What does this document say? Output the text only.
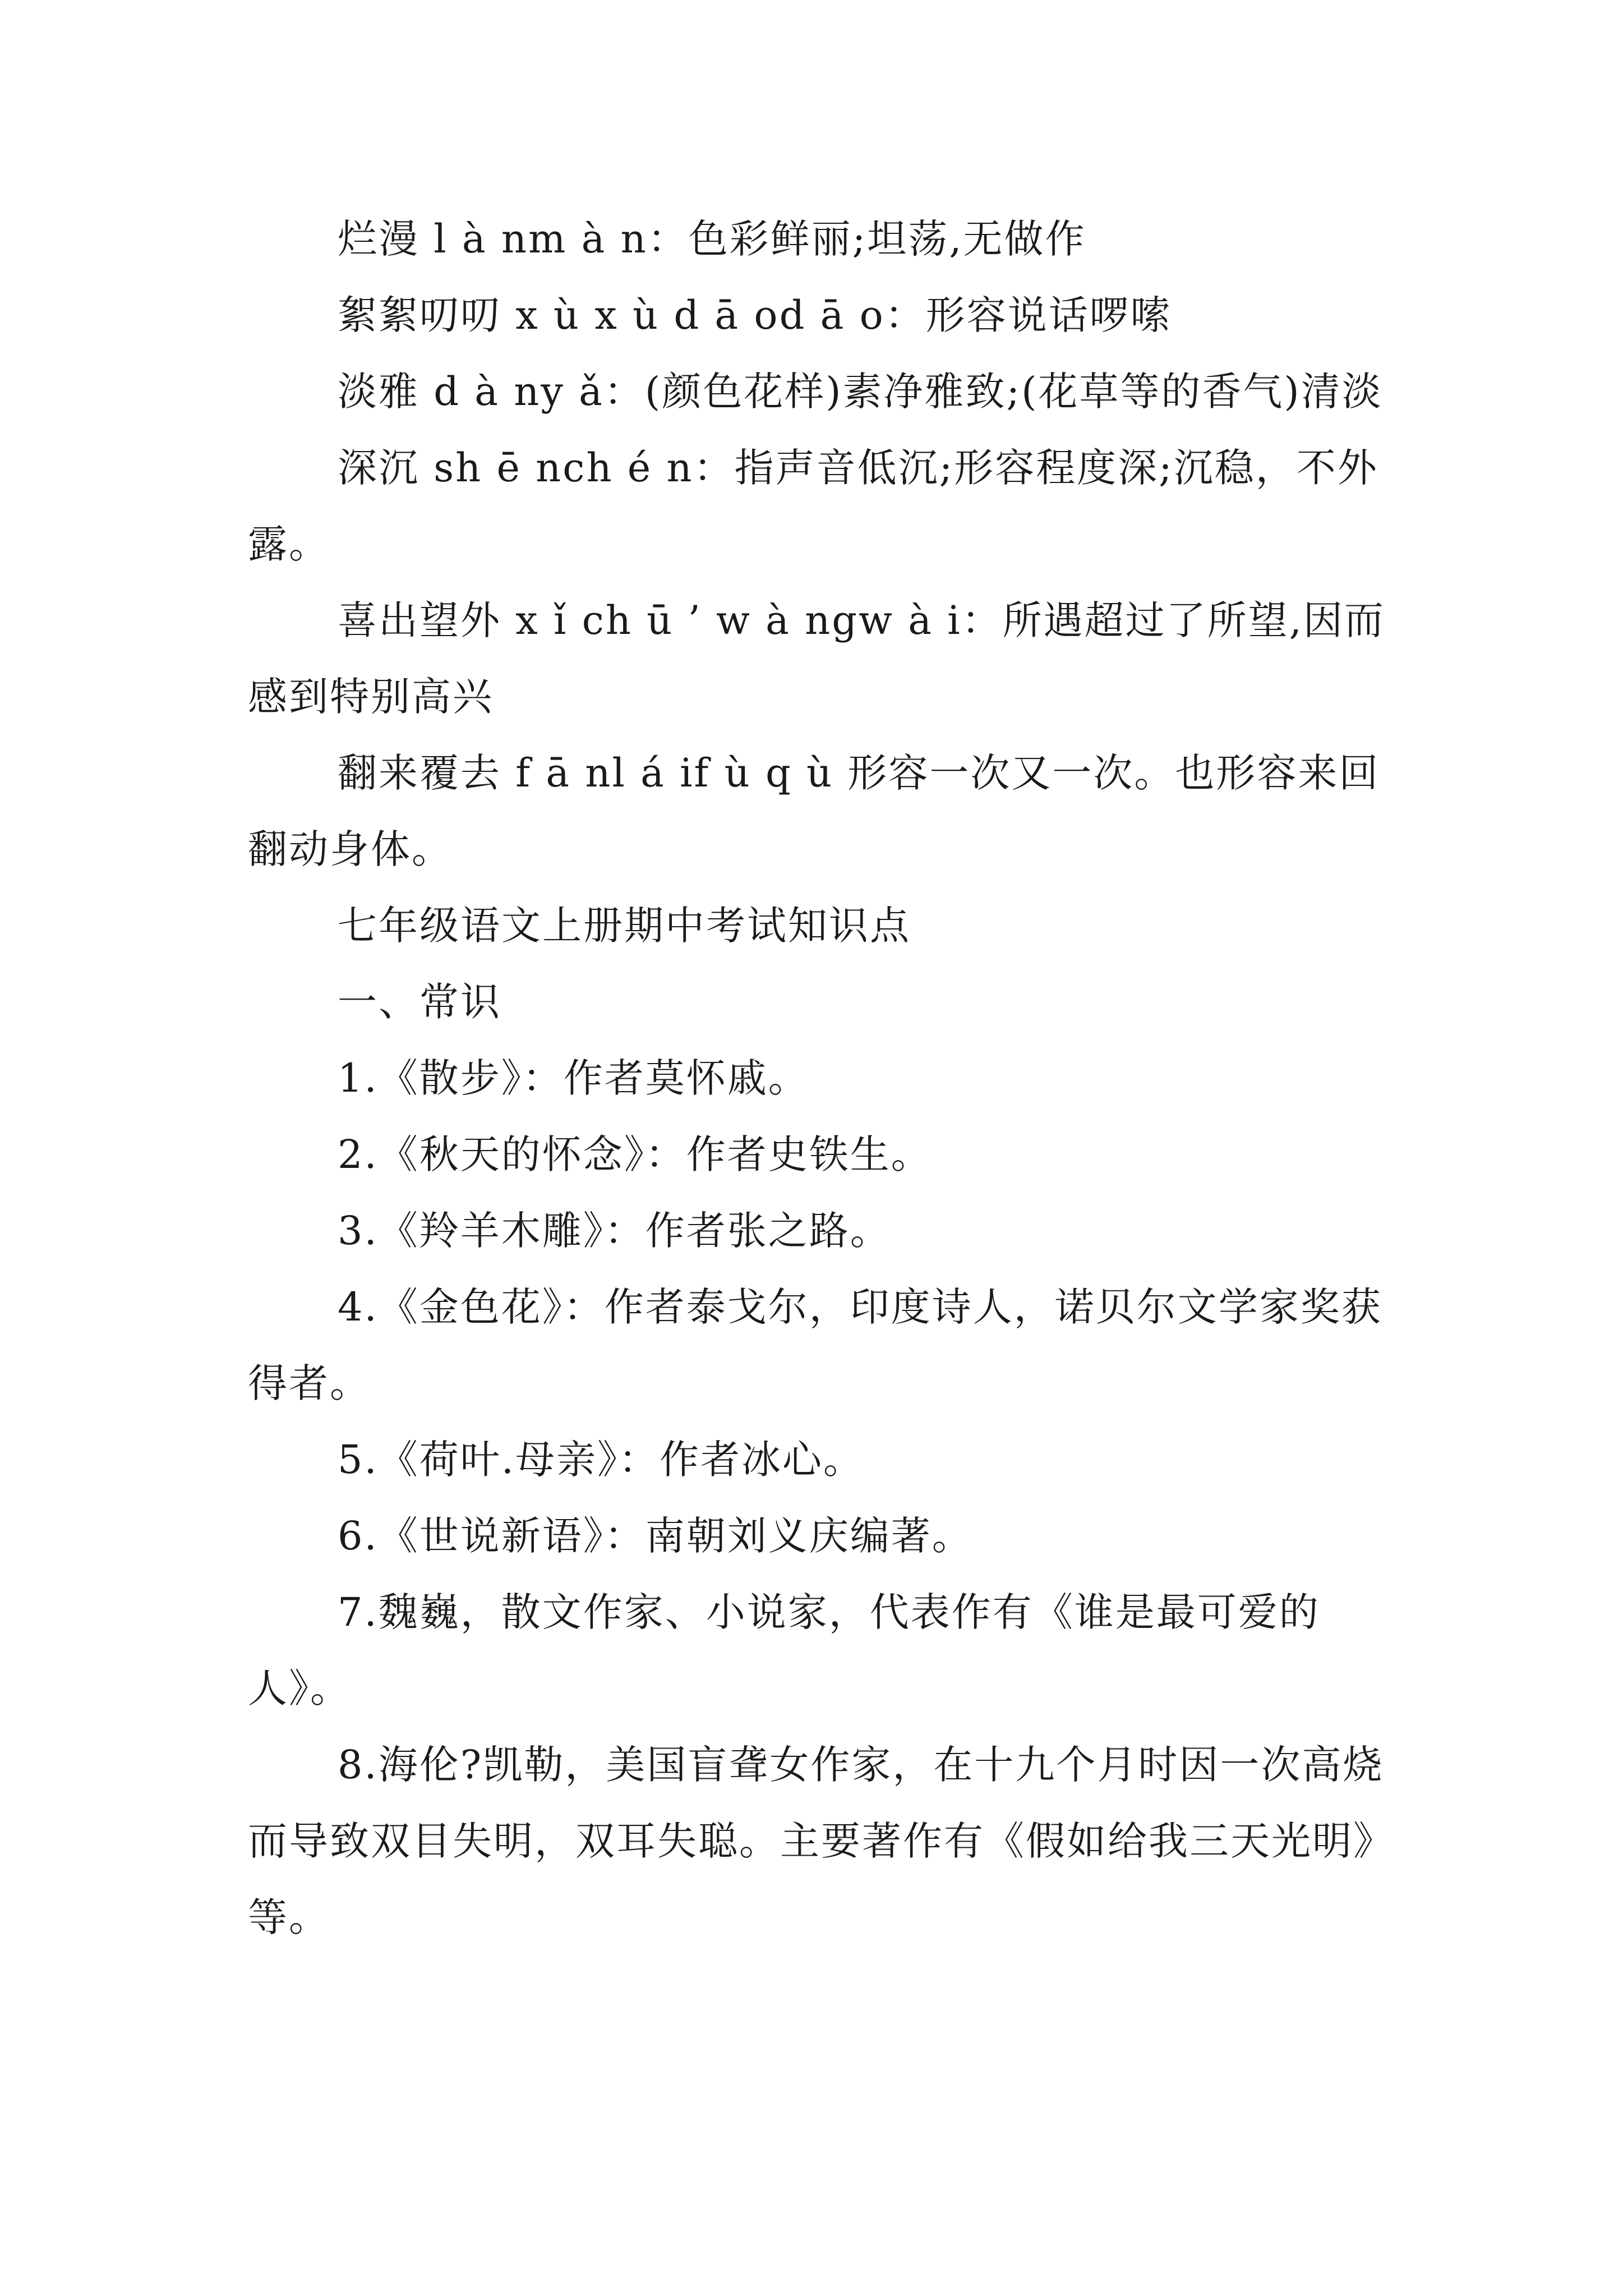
烂漫 l à nm à n：色彩鲜丽;坦荡,无做作

絮絮叨叨 x ù x ù d ā od ā o：形容说话啰嗦

淡雅 d à ny ǎ：(颜色花样)素净雅致;(花草等的香气)清淡

深沉 sh ē nch é n：指声音低沉;形容程度深;沉稳，不外露。

喜出望外 x ǐ ch ū ’ w à ngw à i：所遇超过了所望,因而感到特别高兴

翻来覆去 f ā nl á if ù q ù 形容一次又一次。也形容来回翻动身体。

七年级语文上册期中考试知识点

一、常识

1.《散步》：作者莫怀戚。

2.《秋天的怀念》：作者史铁生。

3.《羚羊木雕》：作者张之路。

4.《金色花》：作者泰戈尔，印度诗人，诺贝尔文学家奖获得者。

5.《荷叶.母亲》：作者冰心。

6.《世说新语》：南朝刘义庆编著。

7.魏巍，散文作家、小说家，代表作有《谁是最可爱的人》。

8.海伦?凯勒，美国盲聋女作家，在十九个月时因一次高烧而导致双目失明，双耳失聪。主要著作有《假如给我三天光明》等。
